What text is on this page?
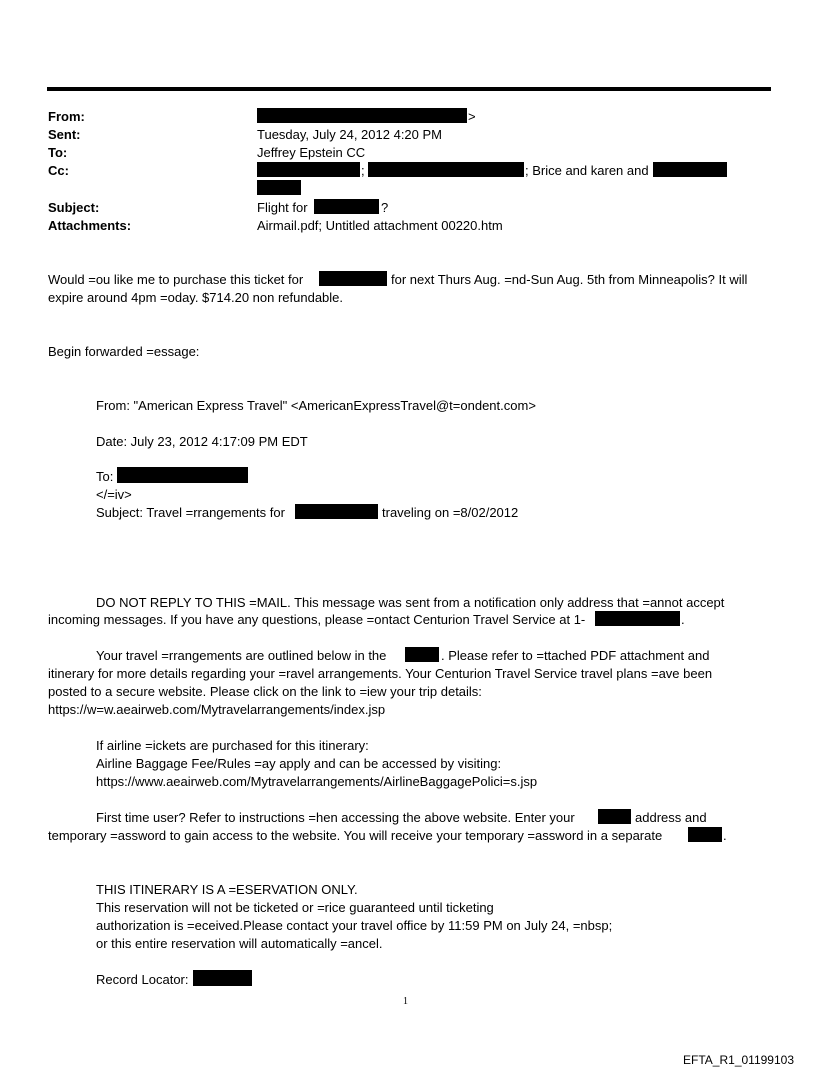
From:	>
Sent:	Tuesday, July 24, 2012 4:20 PM
To:	Jeffrey Epstein CC
Cc:	;	; Brice and karen and
Subject:	Flight for	?
Attachments:	Airmail.pdf; Untitled attachment 00220.htm
Would =ou like me to purchase this ticket for	for next Thurs Aug. =nd-Sun Aug. 5th from Minneapolis? It will
expire around 4pm =oday. $714.20 non refundable.
Begin forwarded =essage:
From: "American Express Travel" <AmericanExpressTravel@t=ondent.com>
Date: July 23, 2012 4:17:09 PM EDT
To:
</=iv>
Subject: Travel =rrangements for	traveling on =8/02/2012
DO NOT REPLY TO THIS =MAIL. This message was sent from a notification only address that =annot accept
incoming messages. If you have any questions, please =ontact Centurion Travel Service at 1-	.
Your travel =rrangements are outlined below in the	. Please refer to =ttached PDF attachment and
itinerary for more details regarding your =ravel arrangements. Your Centurion Travel Service travel plans =ave been
posted to a secure website. Please click on the link to =iew your trip details:
https://w=w.aeairweb.com/Mytravelarrangements/index.jsp
If airline =ickets are purchased for this itinerary:
Airline Baggage Fee/Rules =ay apply and can be accessed by visiting:
https://www.aeairweb.com/Mytravelarrangements/AirlineBaggagePolici=s.jsp
First time user? Refer to instructions =hen accessing the above website. Enter your	address and
temporary =assword to gain access to the website. You will receive your temporary =assword in a separate	.
THIS ITINERARY IS A =ESERVATION ONLY.
This reservation will not be ticketed or =rice guaranteed until ticketing
authorization is =eceived.Please contact your travel office by 11:59 PM on July 24, =nbsp;
or this entire reservation will automatically =ancel.
Record Locator:
1
EFTA_R1_01199103
